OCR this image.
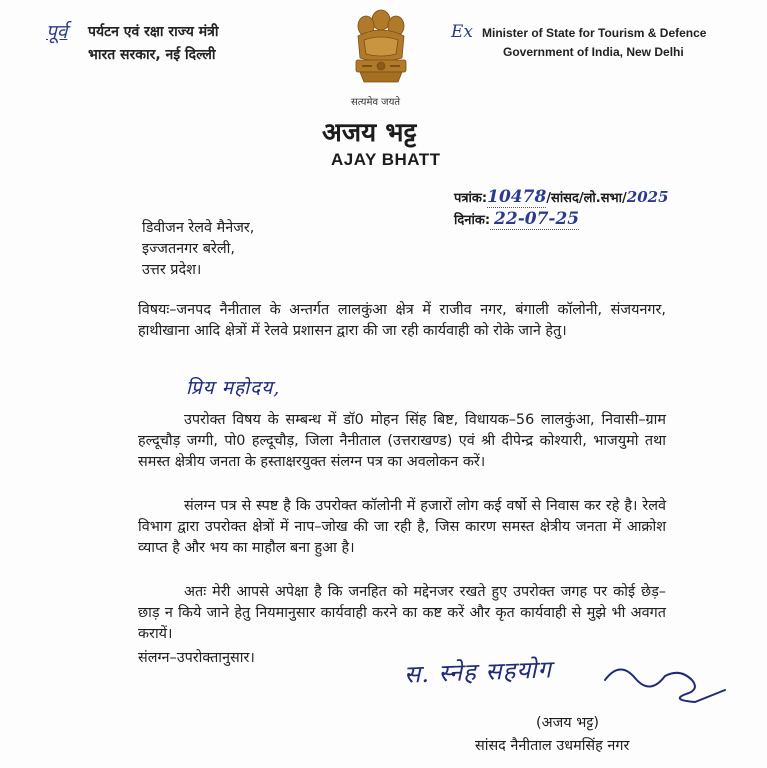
पूर्व पर्यटन एवं रक्षा राज्य मंत्री
भारत सरकार, नई दिल्ली
Ex Minister of State for Tourism & Defence
Government of India, New Delhi
सत्यमेव जयते
अजय भट्ट
AJAY BHATT
पत्रांक:10478/सांसद/लो.सभा/2025
दिनांक: 22-07-25
डिवीजन रेलवे मैनेजर,
इज्जतनगर बरेली,
उत्तर प्रदेश।
विषयः–जनपद नैनीताल के अन्तर्गत लालकुंआ क्षेत्र में राजीव नगर, बंगाली कॉलोनी, संजयनगर, हाथीखाना आदि क्षेत्रों में रेलवे प्रशासन द्वारा की जा रही कार्यवाही को रोके जाने हेतु।
प्रिय महोदय,
उपरोक्त विषय के सम्बन्ध में डॉ0 मोहन सिंह बिष्ट, विधायक–56 लालकुंआ, निवासी–ग्राम हल्दूचौड़ जग्गी, पो0 हल्दूचौड़, जिला नैनीताल (उत्तराखण्ड) एवं श्री दीपेन्द्र कोश्यारी, भाजयुमो तथा समस्त क्षेत्रीय जनता के हस्ताक्षरयुक्त संलग्न पत्र का अवलोकन करें।
संलग्न पत्र से स्पष्ट है कि उपरोक्त कॉलोनी में हजारों लोग कई वर्षो से निवास कर रहे है। रेलवे विभाग द्वारा उपरोक्त क्षेत्रों में नाप–जोख की जा रही है, जिस कारण समस्त क्षेत्रीय जनता में आक्रोश व्याप्त है और भय का माहौल बना हुआ है।
अतः मेरी आपसे अपेक्षा है कि जनहित को मद्देनजर रखते हुए उपरोक्त जगह पर कोई छेड़–छाड़ न किये जाने हेतु नियमानुसार कार्यवाही करने का कष्ट करें और कृत कार्यवाही से मुझे भी अवगत करायें।
संलग्न–उपरोक्तानुसार।	स. स्नेह सहयोग
(अजय भट्ट)
सांसद नैनीताल उधमसिंह नगर
